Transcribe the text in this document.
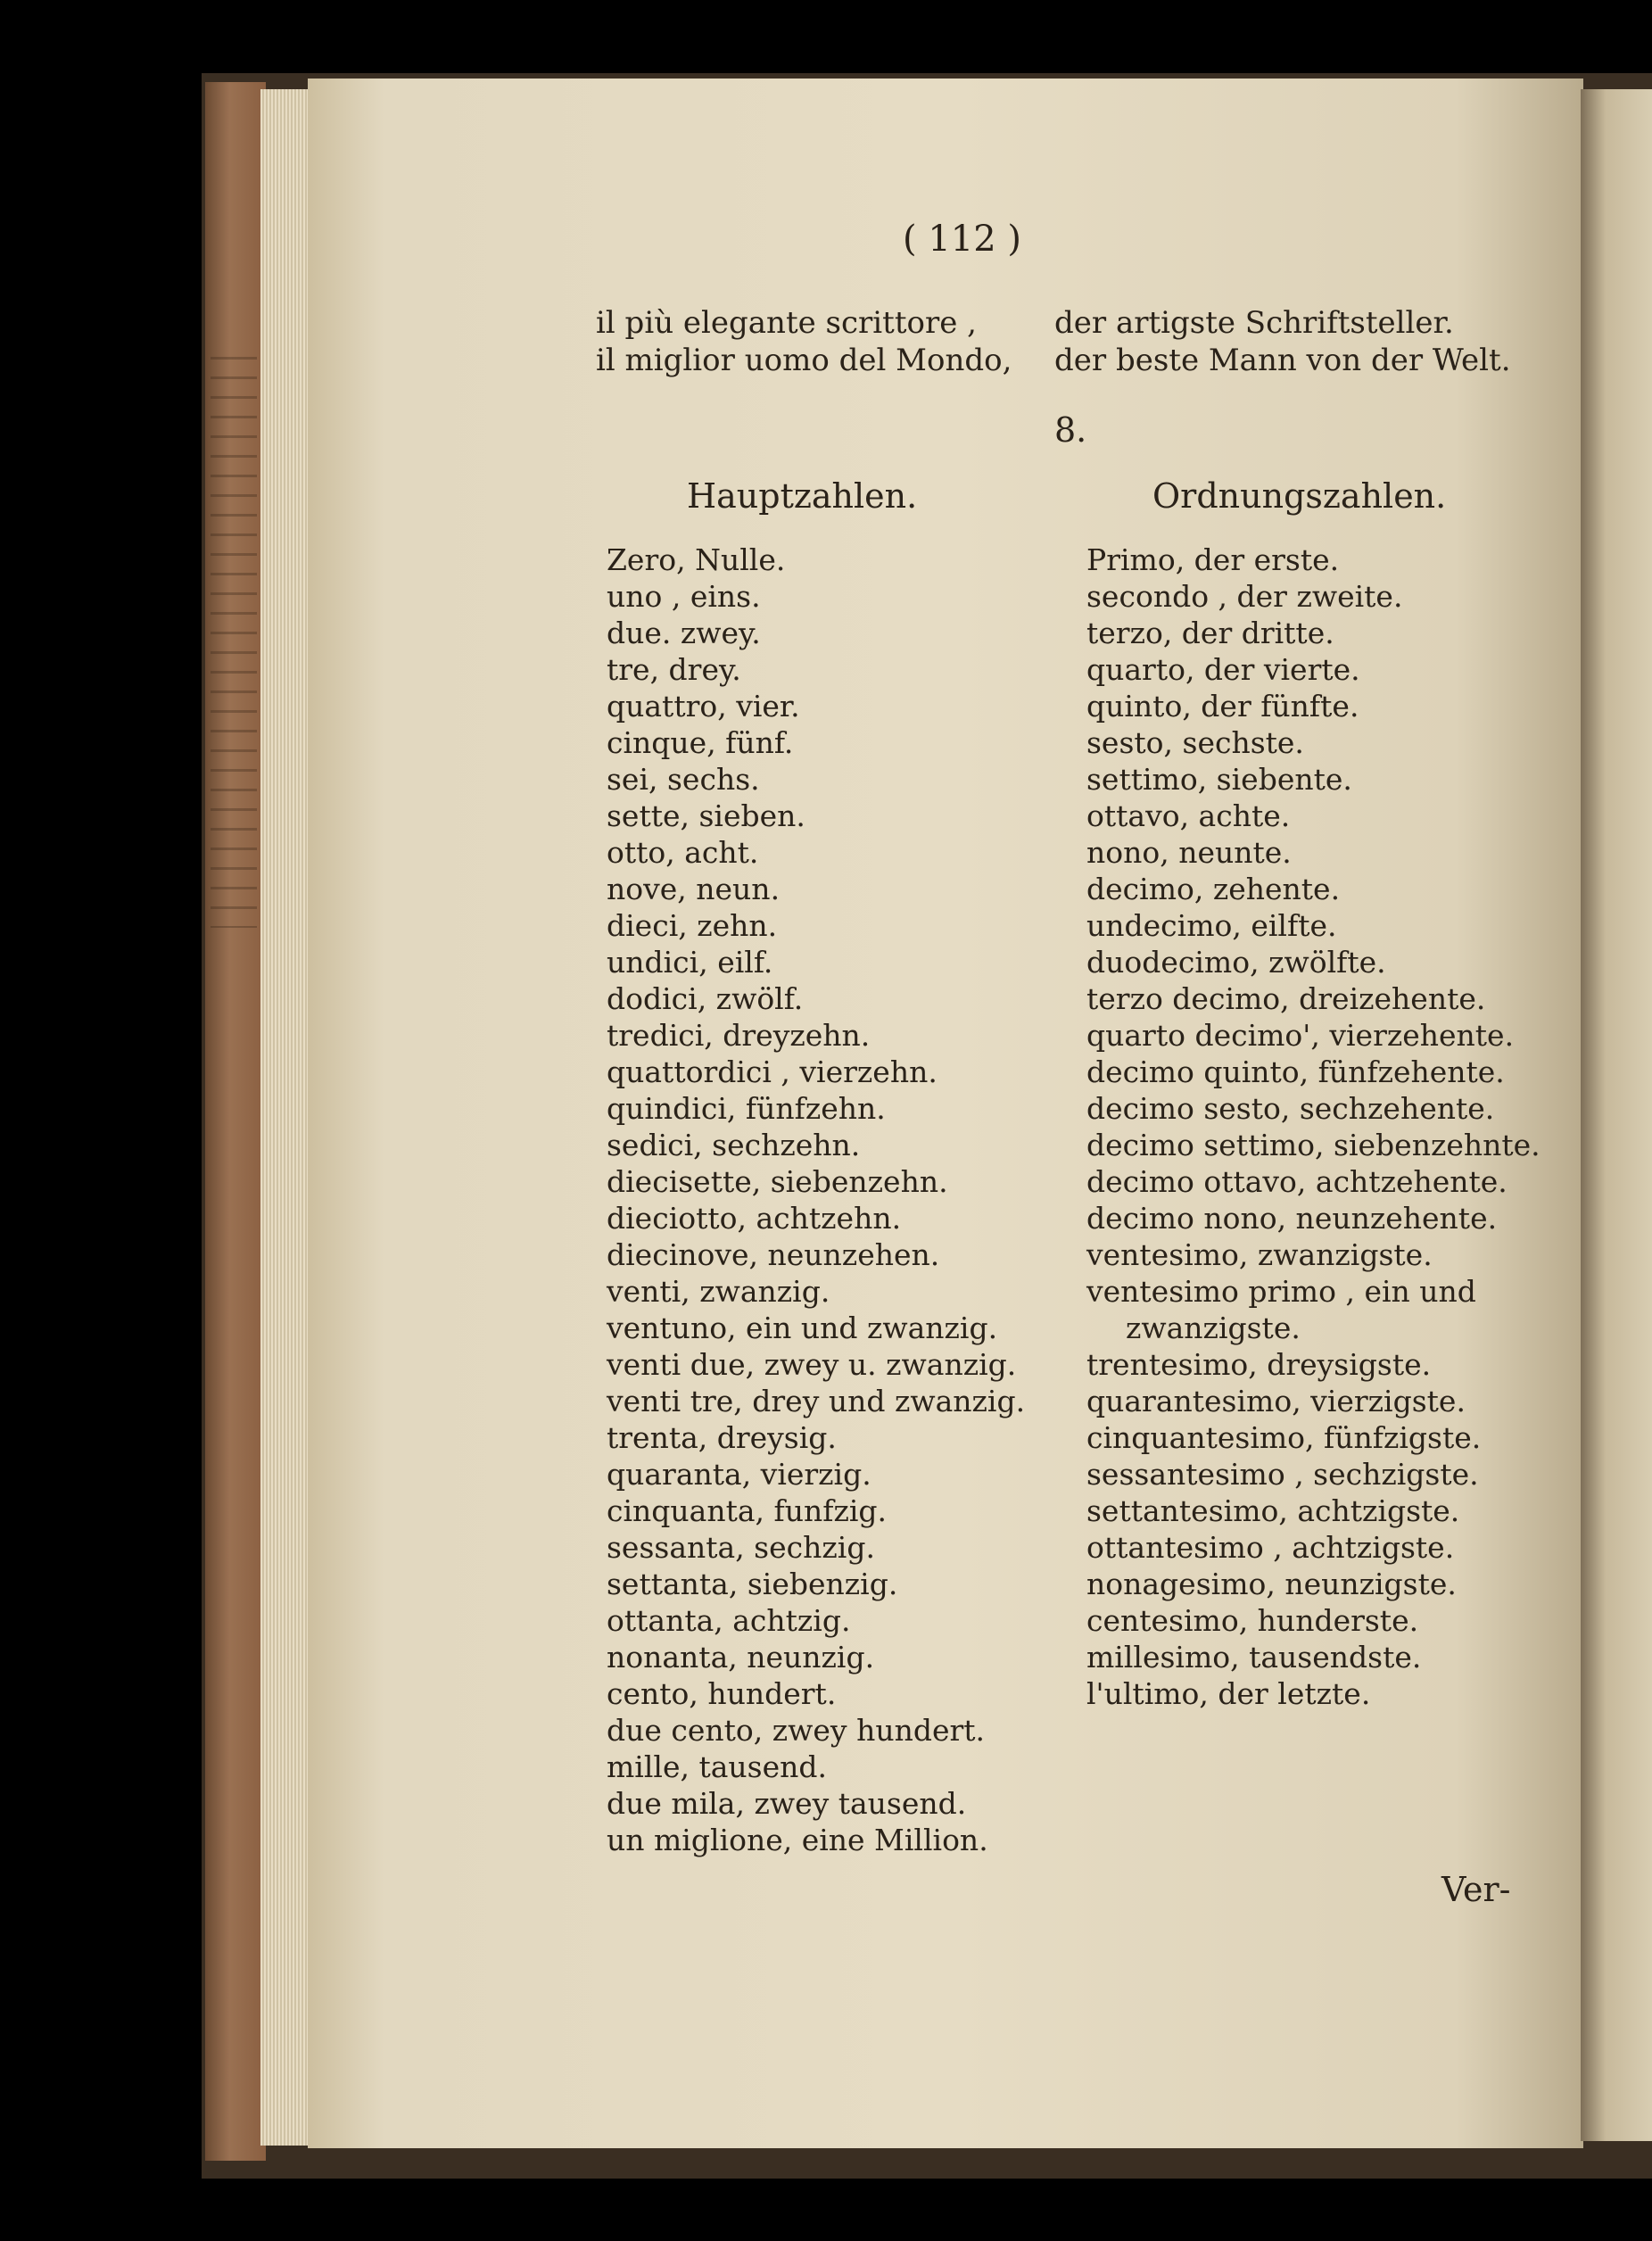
( 112 )
il più elegante scrittore ,	der artigste Schriftsteller.
il miglior uomo del Mondo, der beste Mann von der Welt.
8.
Hauptzahlen.	Ordnungszahlen.
Zero, Nulle.
uno , eins.
due. zwey.
tre, drey.
quattro, vier.
cinque, fünf.
sei, sechs.
sette, sieben.
otto, acht.
nove, neun.
dieci, zehn.
undici, eilf.
dodici, zwölf.
tredici, dreyzehn.
quattordici , vierzehn.
quindici, fünfzehn.
sedici, sechzehn.
diecisette, siebenzehn.
dieciotto, achtzehn.
diecinove, neunzehen.
venti, zwanzig.
ventuno, ein und zwanzig.
venti due, zwey u. zwanzig.
venti tre, drey und zwanzig.
trenta, dreysig.
quaranta, vierzig.
cinquanta, funfzig.
sessanta, sechzig.
settanta, siebenzig.
ottanta, achtzig.
nonanta, neunzig.
cento, hundert.
due cento, zwey hundert.
mille, tausend.
due mila, zwey tausend.
un miglione, eine Million.
Primo, der erste.
secondo , der zweite.
terzo, der dritte.
quarto, der vierte.
quinto, der fünfte.
sesto, sechste.
settimo, siebente.
ottavo, achte.
nono, neunte.
decimo, zehente.
undecimo, eilfte.
duodecimo, zwölfte.
terzo decimo, dreizehente.
quarto decimo', vierzehente.
decimo quinto, fünfzehente.
decimo sesto, sechzehente.
decimo settimo, siebenzehnte.
decimo ottavo, achtzehente.
decimo nono, neunzehente.
ventesimo, zwanzigste.
ventesimo primo , ein und
zwanzigste.
trentesimo, dreysigste.
quarantesimo, vierzigste.
cinquantesimo, fünfzigste.
sessantesimo , sechzigste.
settantesimo, achtzigste.
ottantesimo , achtzigste.
nonagesimo, neunzigste.
centesimo, hunderste.
millesimo, tausendste.
l'ultimo, der letzte.
Ver-
